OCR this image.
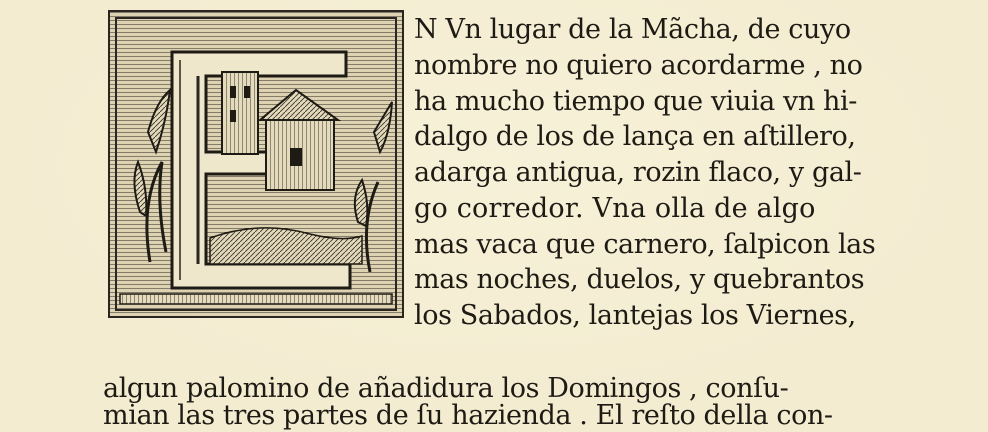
N Vn lugar de la Mãcha, de cuyo
nombre no quiero acordarme , no
ha mucho tiempo que viuia vn hi-
dalgo de los de lança en aſtillero,
adarga antigua, rozin flaco, y gal-
go corredor. Vna olla de algo
mas vaca que carnero, ſalpicon las
mas noches, duelos, y quebrantos
los Sabados, lantejas los Viernes,
algun palomino de añadidura los Domingos , conſu-
mian las tres partes de ſu hazienda . El reſto della con-
